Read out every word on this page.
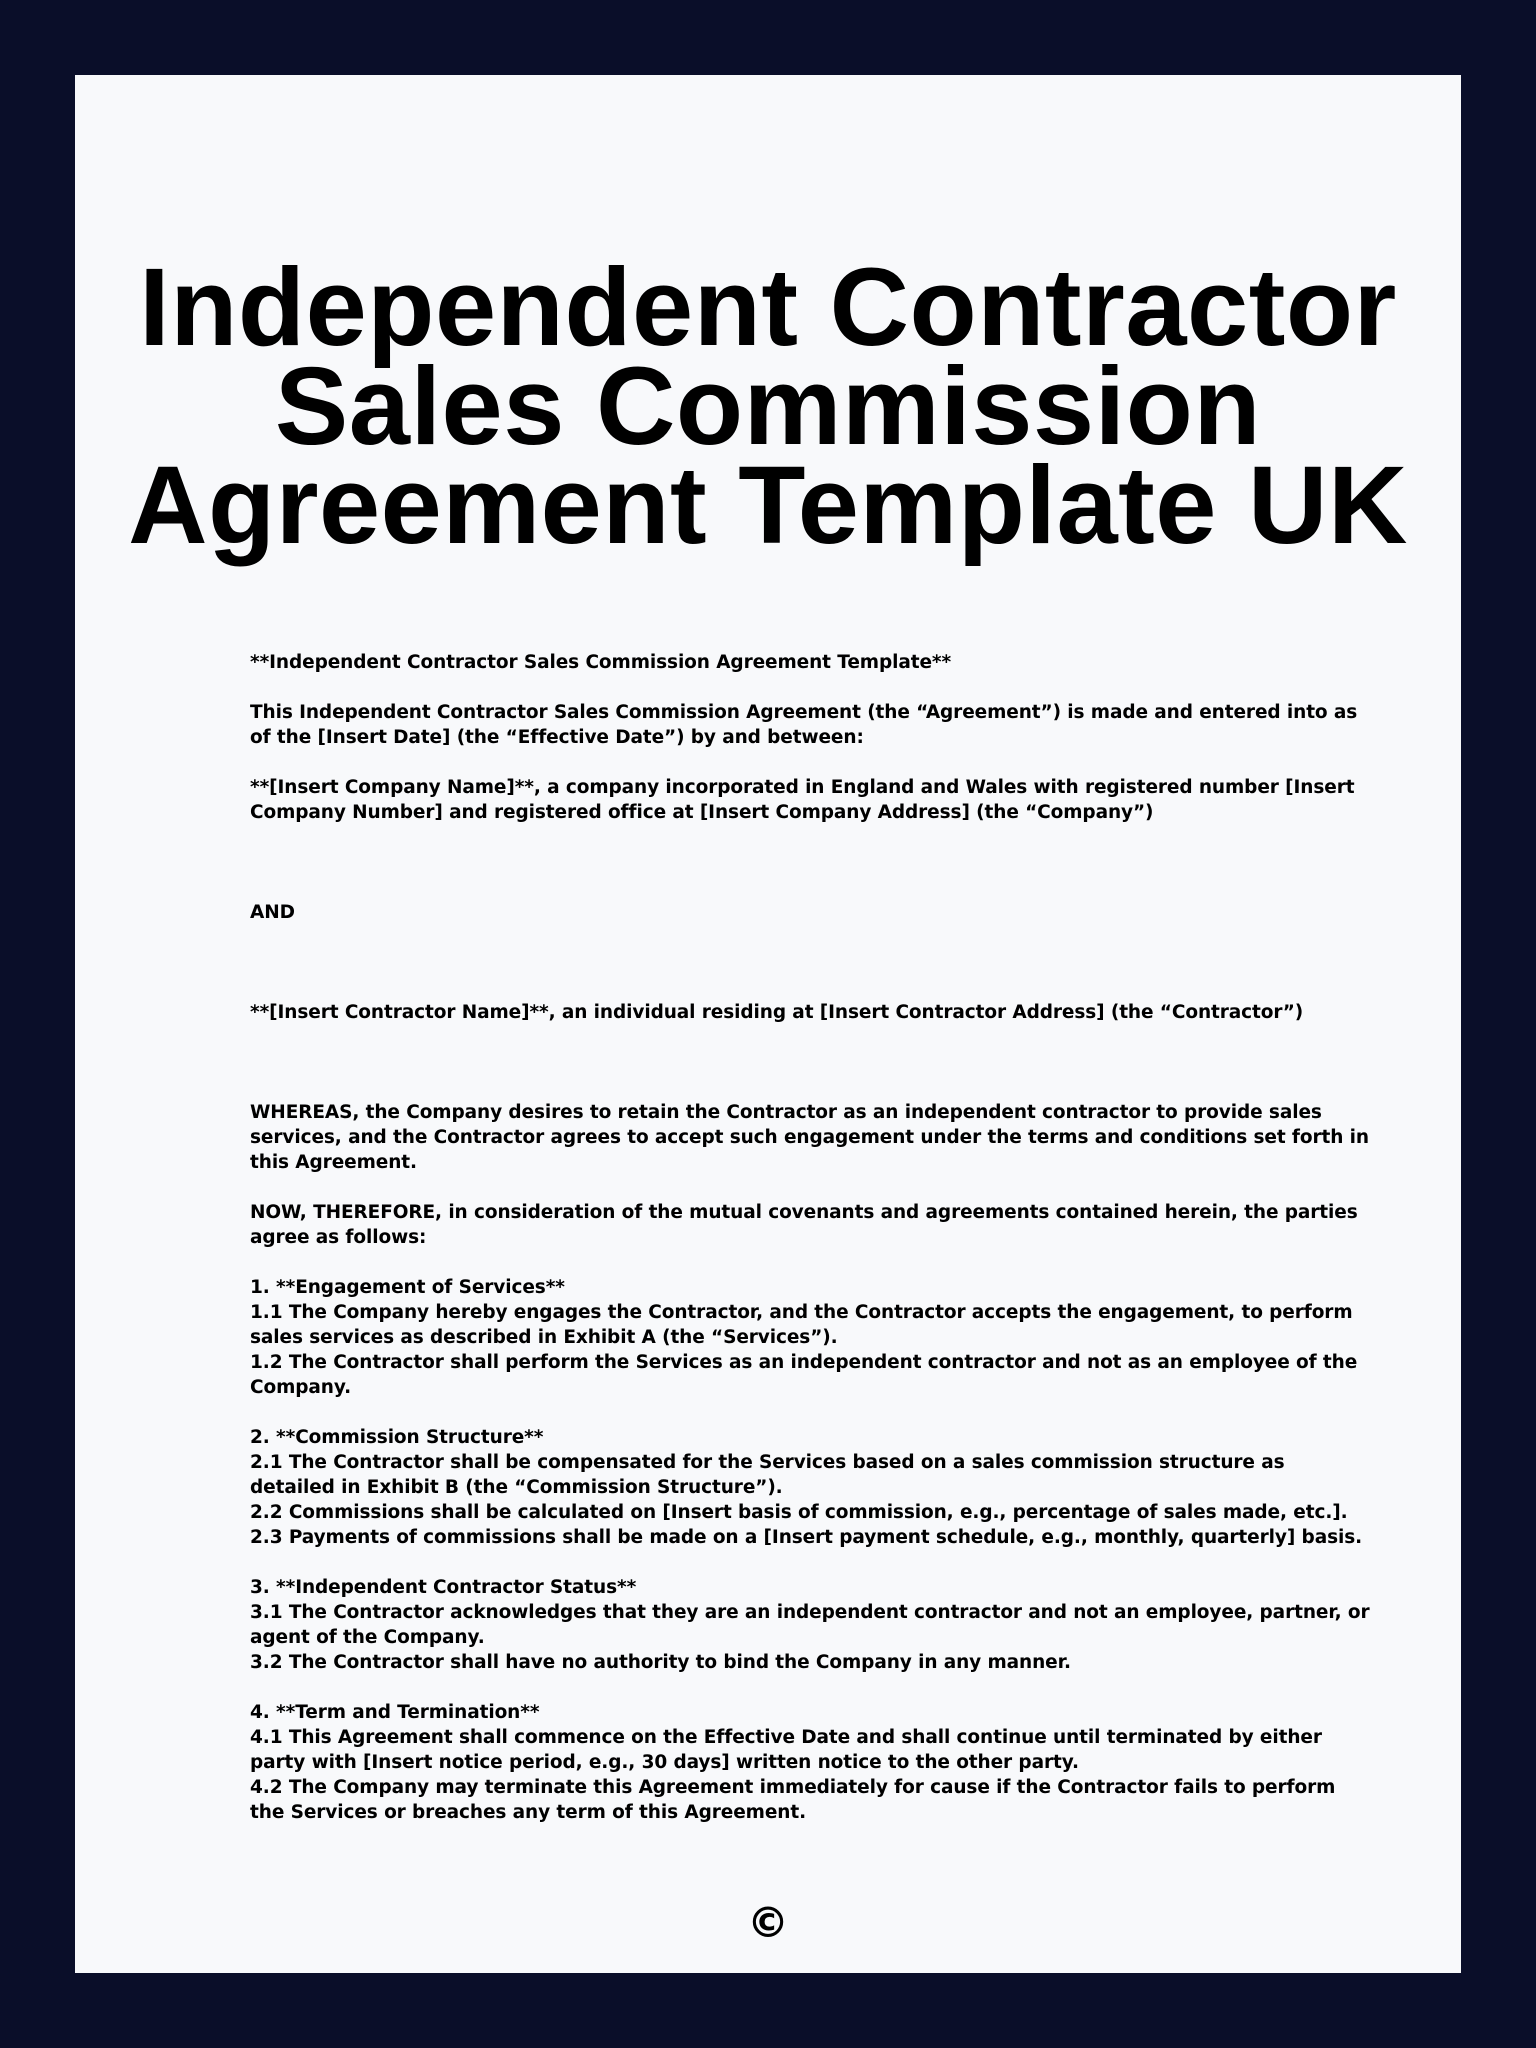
Independent Contractor
Sales Commission
Agreement Template UK
**Independent Contractor Sales Commission Agreement Template**
This Independent Contractor Sales Commission Agreement (the “Agreement”) is made and entered into as
of the [Insert Date] (the “Effective Date”) by and between:
**[Insert Company Name]**, a company incorporated in England and Wales with registered number [Insert
Company Number] and registered office at [Insert Company Address] (the “Company”)
AND
**[Insert Contractor Name]**, an individual residing at [Insert Contractor Address] (the “Contractor”)
WHEREAS, the Company desires to retain the Contractor as an independent contractor to provide sales
services, and the Contractor agrees to accept such engagement under the terms and conditions set forth in
this Agreement.
NOW, THEREFORE, in consideration of the mutual covenants and agreements contained herein, the parties
agree as follows:
1. **Engagement of Services**
1.1 The Company hereby engages the Contractor, and the Contractor accepts the engagement, to perform
sales services as described in Exhibit A (the “Services”).
1.2 The Contractor shall perform the Services as an independent contractor and not as an employee of the
Company.
2. **Commission Structure**
2.1 The Contractor shall be compensated for the Services based on a sales commission structure as
detailed in Exhibit B (the “Commission Structure”).
2.2 Commissions shall be calculated on [Insert basis of commission, e.g., percentage of sales made, etc.].
2.3 Payments of commissions shall be made on a [Insert payment schedule, e.g., monthly, quarterly] basis.
3. **Independent Contractor Status**
3.1 The Contractor acknowledges that they are an independent contractor and not an employee, partner, or
agent of the Company.
3.2 The Contractor shall have no authority to bind the Company in any manner.
4. **Term and Termination**
4.1 This Agreement shall commence on the Effective Date and shall continue until terminated by either
party with [Insert notice period, e.g., 30 days] written notice to the other party.
4.2 The Company may terminate this Agreement immediately for cause if the Contractor fails to perform
the Services or breaches any term of this Agreement.
©
